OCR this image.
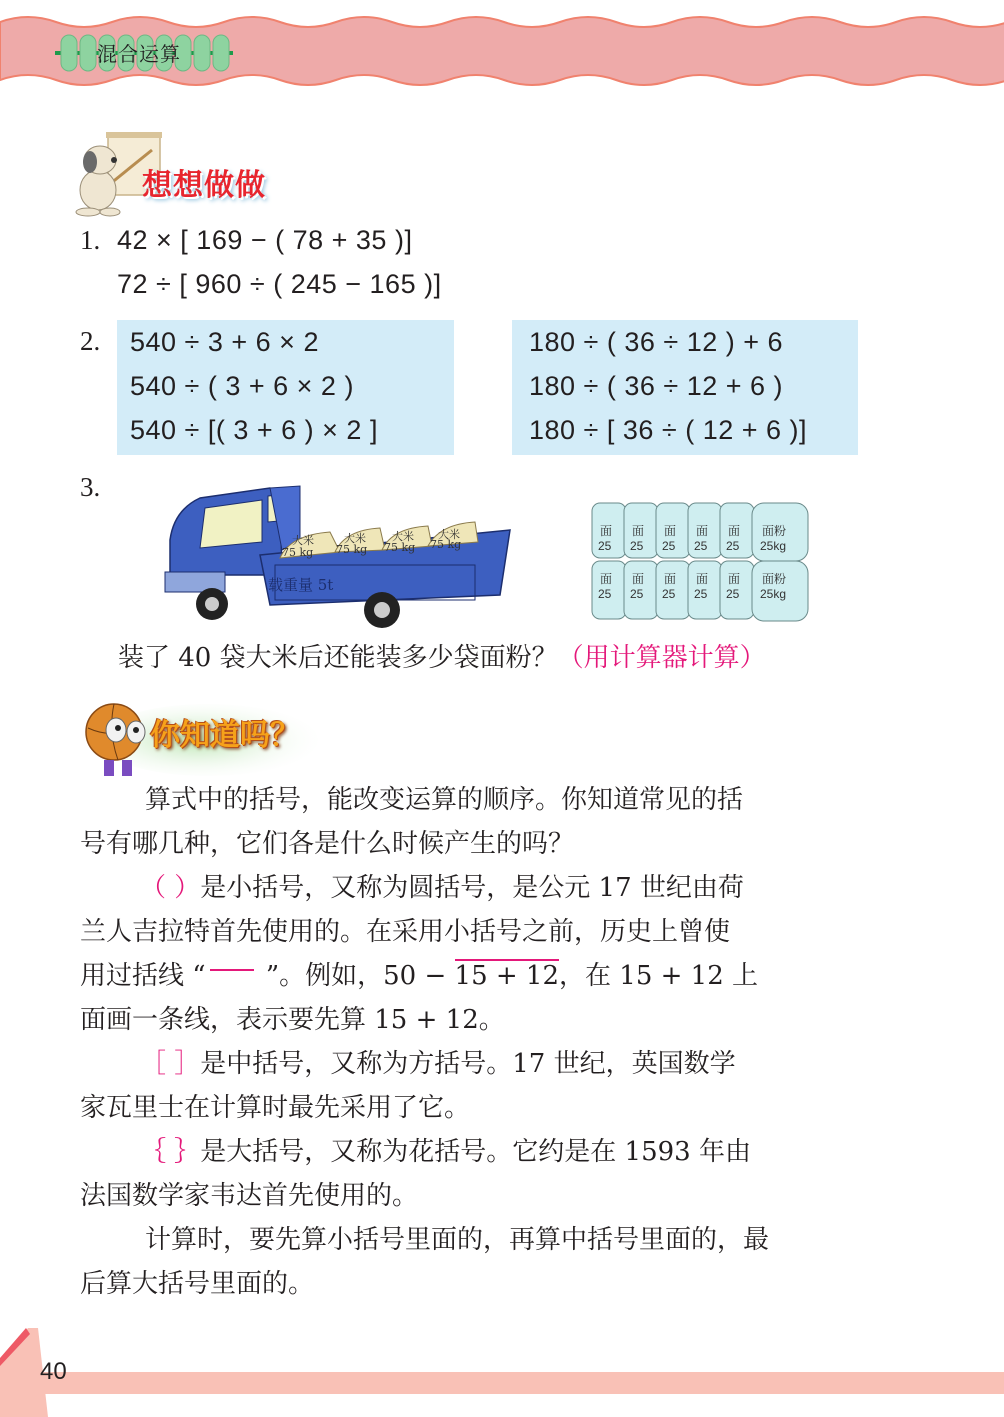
混合运算
想想做做
1. 42 × [ 169 − ( 78 + 35 )]
72 ÷ [ 960 ÷ ( 245 − 165 )]
2. 540 ÷ 3 + 6 × 2
540 ÷ ( 3 + 6 × 2 )
540 ÷ [( 3 + 6 ) × 2 ]
180 ÷ ( 36 ÷ 12 ) + 6
180 ÷ ( 36 ÷ 12 + 6 )
180 ÷ [ 36 ÷ ( 12 + 6 )]
3.
大米
75 kg
大米
75 kg
大米
75 kg
大米
75 kg
载重量 5t
面
25
面
25
面
25
面
25
面
25
面粉
25kg
面
25
面
25
面
25
面
25
面
25
面粉
25kg
装了 40 袋大米后还能装多少袋面粉？（用计算器计算）
你知道吗？
算式中的括号，能改变运算的顺序。你知道常见的括
号有哪几种，它们各是什么时候产生的吗？
（ ）是小括号，又称为圆括号，是公元 17 世纪由荷
兰人吉拉特首先使用的。在采用小括号之前，历史上曾使
用过括线 “ ”。例如，50 − 15 + 12，在 15 + 12 上
面画一条线，表示要先算 15 + 12。
［ ］是中括号，又称为方括号。17 世纪，英国数学
家瓦里士在计算时最先采用了它。
｛ ｝是大括号，又称为花括号。它约是在 1593 年由
法国数学家韦达首先使用的。
计算时，要先算小括号里面的，再算中括号里面的，最
后算大括号里面的。
40
